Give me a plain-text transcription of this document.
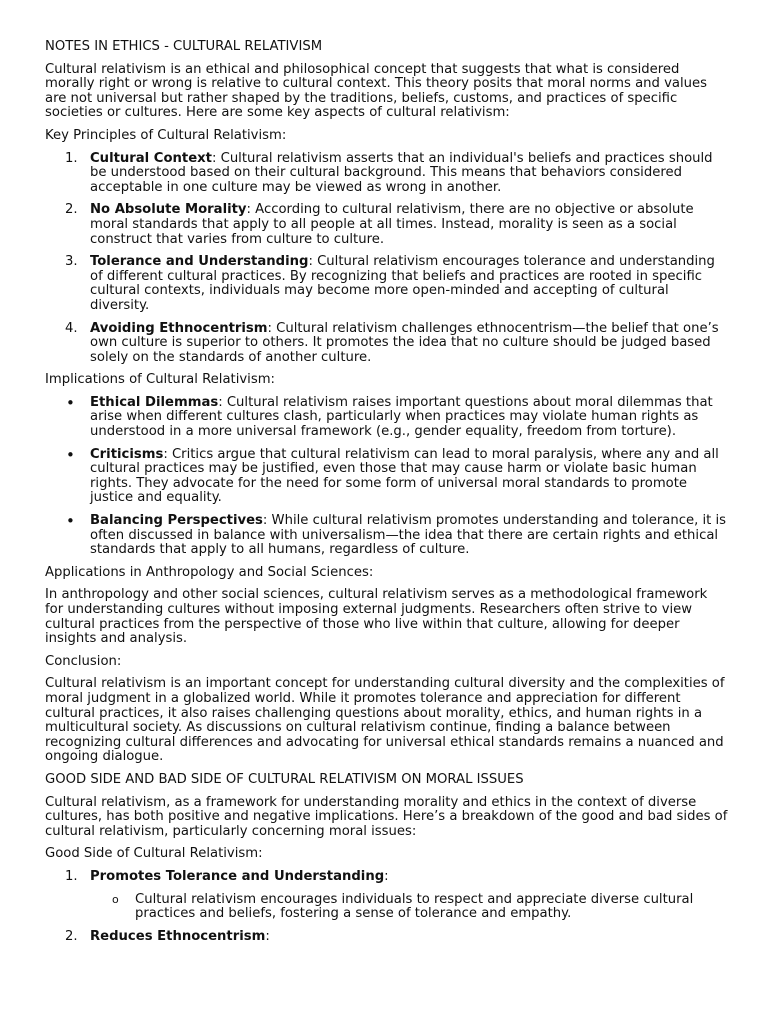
NOTES IN ETHICS - CULTURAL RELATIVISM

Cultural relativism is an ethical and philosophical concept that suggests that what is considered morally right or wrong is relative to cultural context. This theory posits that moral norms and values are not universal but rather shaped by the traditions, beliefs, customs, and practices of specific societies or cultures. Here are some key aspects of cultural relativism:

Key Principles of Cultural Relativism:

1. Cultural Context: Cultural relativism asserts that an individual's beliefs and practices should be understood based on their cultural background. This means that behaviors considered acceptable in one culture may be viewed as wrong in another.
2. No Absolute Morality: According to cultural relativism, there are no objective or absolute moral standards that apply to all people at all times. Instead, morality is seen as a social construct that varies from culture to culture.
3. Tolerance and Understanding: Cultural relativism encourages tolerance and understanding of different cultural practices. By recognizing that beliefs and practices are rooted in specific cultural contexts, individuals may become more open-minded and accepting of cultural diversity.
4. Avoiding Ethnocentrism: Cultural relativism challenges ethnocentrism—the belief that one’s own culture is superior to others. It promotes the idea that no culture should be judged based solely on the standards of another culture.

Implications of Cultural Relativism:

•	Ethical Dilemmas: Cultural relativism raises important questions about moral dilemmas that arise when different cultures clash, particularly when practices may violate human rights as understood in a more universal framework (e.g., gender equality, freedom from torture).
•	Criticisms: Critics argue that cultural relativism can lead to moral paralysis, where any and all cultural practices may be justified, even those that may cause harm or violate basic human rights. They advocate for the need for some form of universal moral standards to promote justice and equality.
•	Balancing Perspectives: While cultural relativism promotes understanding and tolerance, it is often discussed in balance with universalism—the idea that there are certain rights and ethical standards that apply to all humans, regardless of culture.

Applications in Anthropology and Social Sciences:

In anthropology and other social sciences, cultural relativism serves as a methodological framework for understanding cultures without imposing external judgments. Researchers often strive to view cultural practices from the perspective of those who live within that culture, allowing for deeper insights and analysis.

Conclusion:

Cultural relativism is an important concept for understanding cultural diversity and the complexities of moral judgment in a globalized world. While it promotes tolerance and appreciation for different cultural practices, it also raises challenging questions about morality, ethics, and human rights in a multicultural society. As discussions on cultural relativism continue, finding a balance between recognizing cultural differences and advocating for universal ethical standards remains a nuanced and ongoing dialogue.

GOOD SIDE AND BAD SIDE OF CULTURAL RELATIVISM ON MORAL ISSUES

Cultural relativism, as a framework for understanding morality and ethics in the context of diverse cultures, has both positive and negative implications. Here’s a breakdown of the good and bad sides of cultural relativism, particularly concerning moral issues:

Good Side of Cultural Relativism:

1. Promotes Tolerance and Understanding:
o	Cultural relativism encourages individuals to respect and appreciate diverse cultural practices and beliefs, fostering a sense of tolerance and empathy.
2. Reduces Ethnocentrism:
